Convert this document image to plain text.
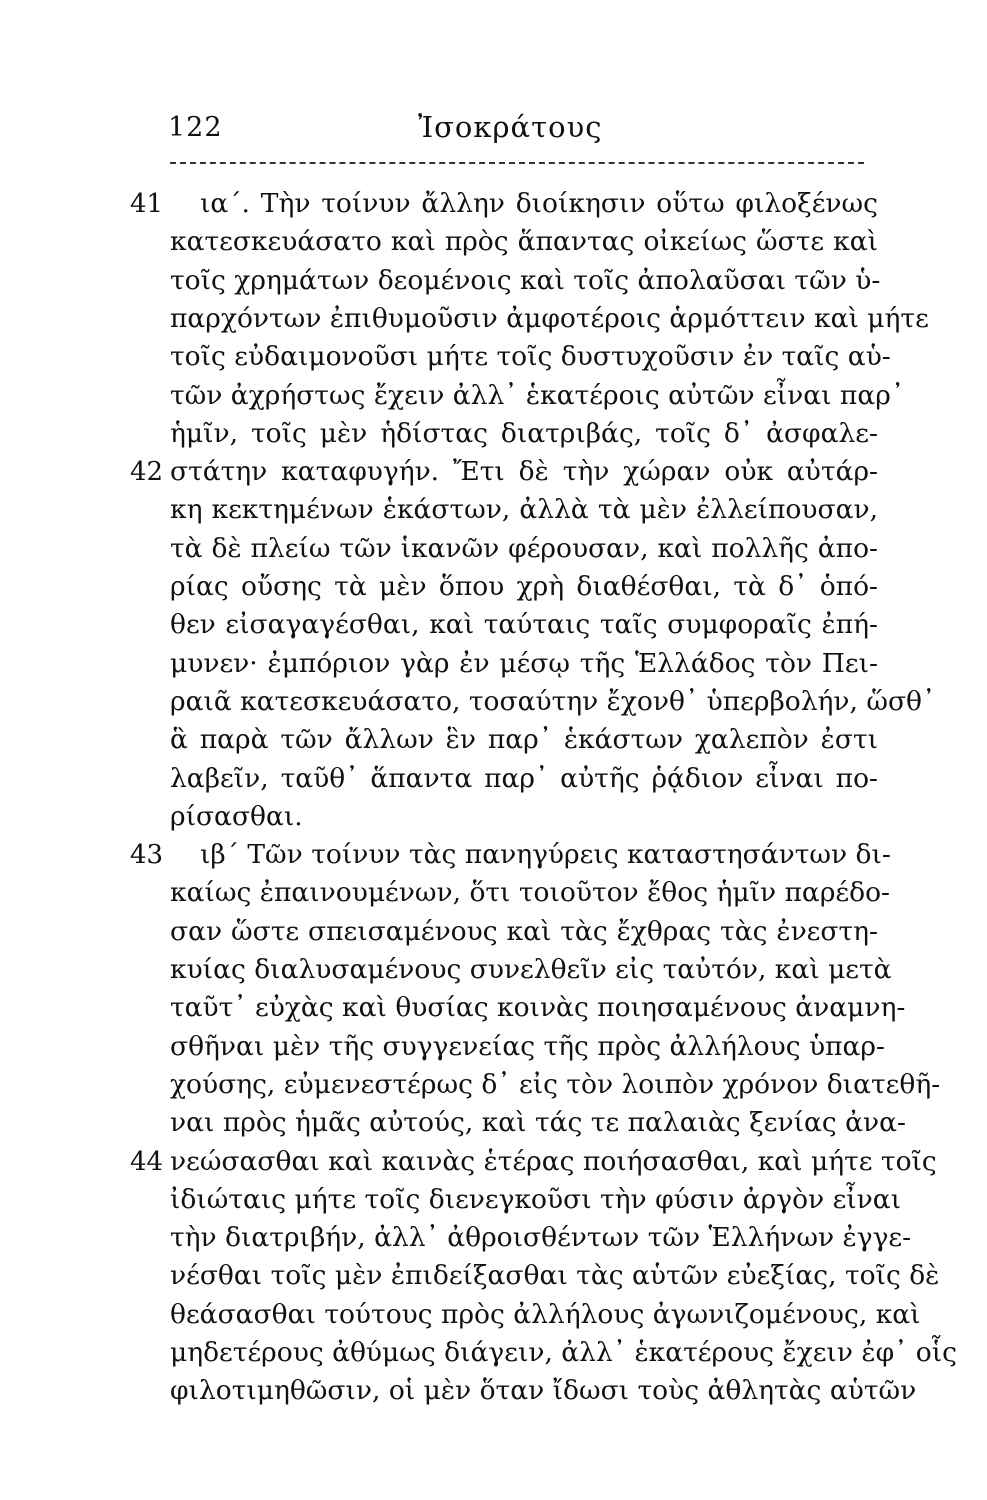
122	Ἰσοκράτους
ια΄. Τὴν τοίνυν ἄλλην διοίκησιν οὕτω φιλοξένως
κατεσκευάσατο καὶ πρὸς ἅπαντας οἰκείως ὥστε καὶ
τοῖς χρημάτων δεομένοις καὶ τοῖς ἀπολαῦσαι τῶν ὑ-
παρχόντων ἐπιθυμοῦσιν ἀμφοτέροις ἁρμόττειν καὶ μήτε
τοῖς εὐδαιμονοῦσι μήτε τοῖς δυστυχοῦσιν ἐν ταῖς αὑ-
τῶν ἀχρήστως ἔχειν ἀλλ᾽ ἑκατέροις αὐτῶν εἶναι παρ᾽
ἡμῖν, τοῖς μὲν ἡδίστας διατριβάς, τοῖς δ᾽ ἀσφαλε-
στάτην καταφυγήν. Ἔτι δὲ τὴν χώραν οὐκ αὐτάρ-
κη κεκτημένων ἑκάστων, ἀλλὰ τὰ μὲν ἐλλείπουσαν,
τὰ δὲ πλείω τῶν ἱκανῶν φέρουσαν, καὶ πολλῆς ἀπο-
ρίας οὔσης τὰ μὲν ὅπου χρὴ διαθέσθαι, τὰ δ᾽ ὁπό-
θεν εἰσαγαγέσθαι, καὶ ταύταις ταῖς συμφοραῖς ἐπή-
μυνεν· ἐμπόριον γὰρ ἐν μέσῳ τῆς Ἑλλάδος τὸν Πει-
ραιᾶ κατεσκευάσατο, τοσαύτην ἔχονθ᾽ ὑπερβολήν, ὥσθ᾽
ἃ παρὰ τῶν ἄλλων ἓν παρ᾽ ἑκάστων χαλεπὸν ἐστι
λαβεῖν, ταῦθ᾽ ἅπαντα παρ᾽ αὐτῆς ῥᾴδιον εἶναι πο-
ρίσασθαι.
ιβ΄ Τῶν τοίνυν τὰς πανηγύρεις καταστησάντων δι-
καίως ἐπαινουμένων, ὅτι τοιοῦτον ἔθος ἡμῖν παρέδο-
σαν ὥστε σπεισαμένους καὶ τὰς ἔχθρας τὰς ἐνεστη-
κυίας διαλυσαμένους συνελθεῖν εἰς ταὐτόν, καὶ μετὰ
ταῦτ᾽ εὐχὰς καὶ θυσίας κοινὰς ποιησαμένους ἀναμνη-
σθῆναι μὲν τῆς συγγενείας τῆς πρὸς ἀλλήλους ὑπαρ-
χούσης, εὐμενεστέρως δ᾽ εἰς τὸν λοιπὸν χρόνον διατεθῆ-
ναι πρὸς ἡμᾶς αὐτούς, καὶ τάς τε παλαιὰς ξενίας ἀνα-
νεώσασθαι καὶ καινὰς ἑτέρας ποιήσασθαι, καὶ μήτε τοῖς
ἰδιώταις μήτε τοῖς διενεγκοῦσι τὴν φύσιν ἀργὸν εἶναι
τὴν διατριβήν, ἀλλ᾽ ἀθροισθέντων τῶν Ἑλλήνων ἐγγε-
νέσθαι τοῖς μὲν ἐπιδείξασθαι τὰς αὑτῶν εὐεξίας, τοῖς δὲ
θεάσασθαι τούτους πρὸς ἀλλήλους ἀγωνιζομένους, καὶ
μηδετέρους ἀθύμως διάγειν, ἀλλ᾽ ἑκατέρους ἔχειν ἐφ᾽ οἷς
φιλοτιμηθῶσιν, οἱ μὲν ὅταν ἴδωσι τοὺς ἀθλητὰς αὑτῶν
41
42
43
44
